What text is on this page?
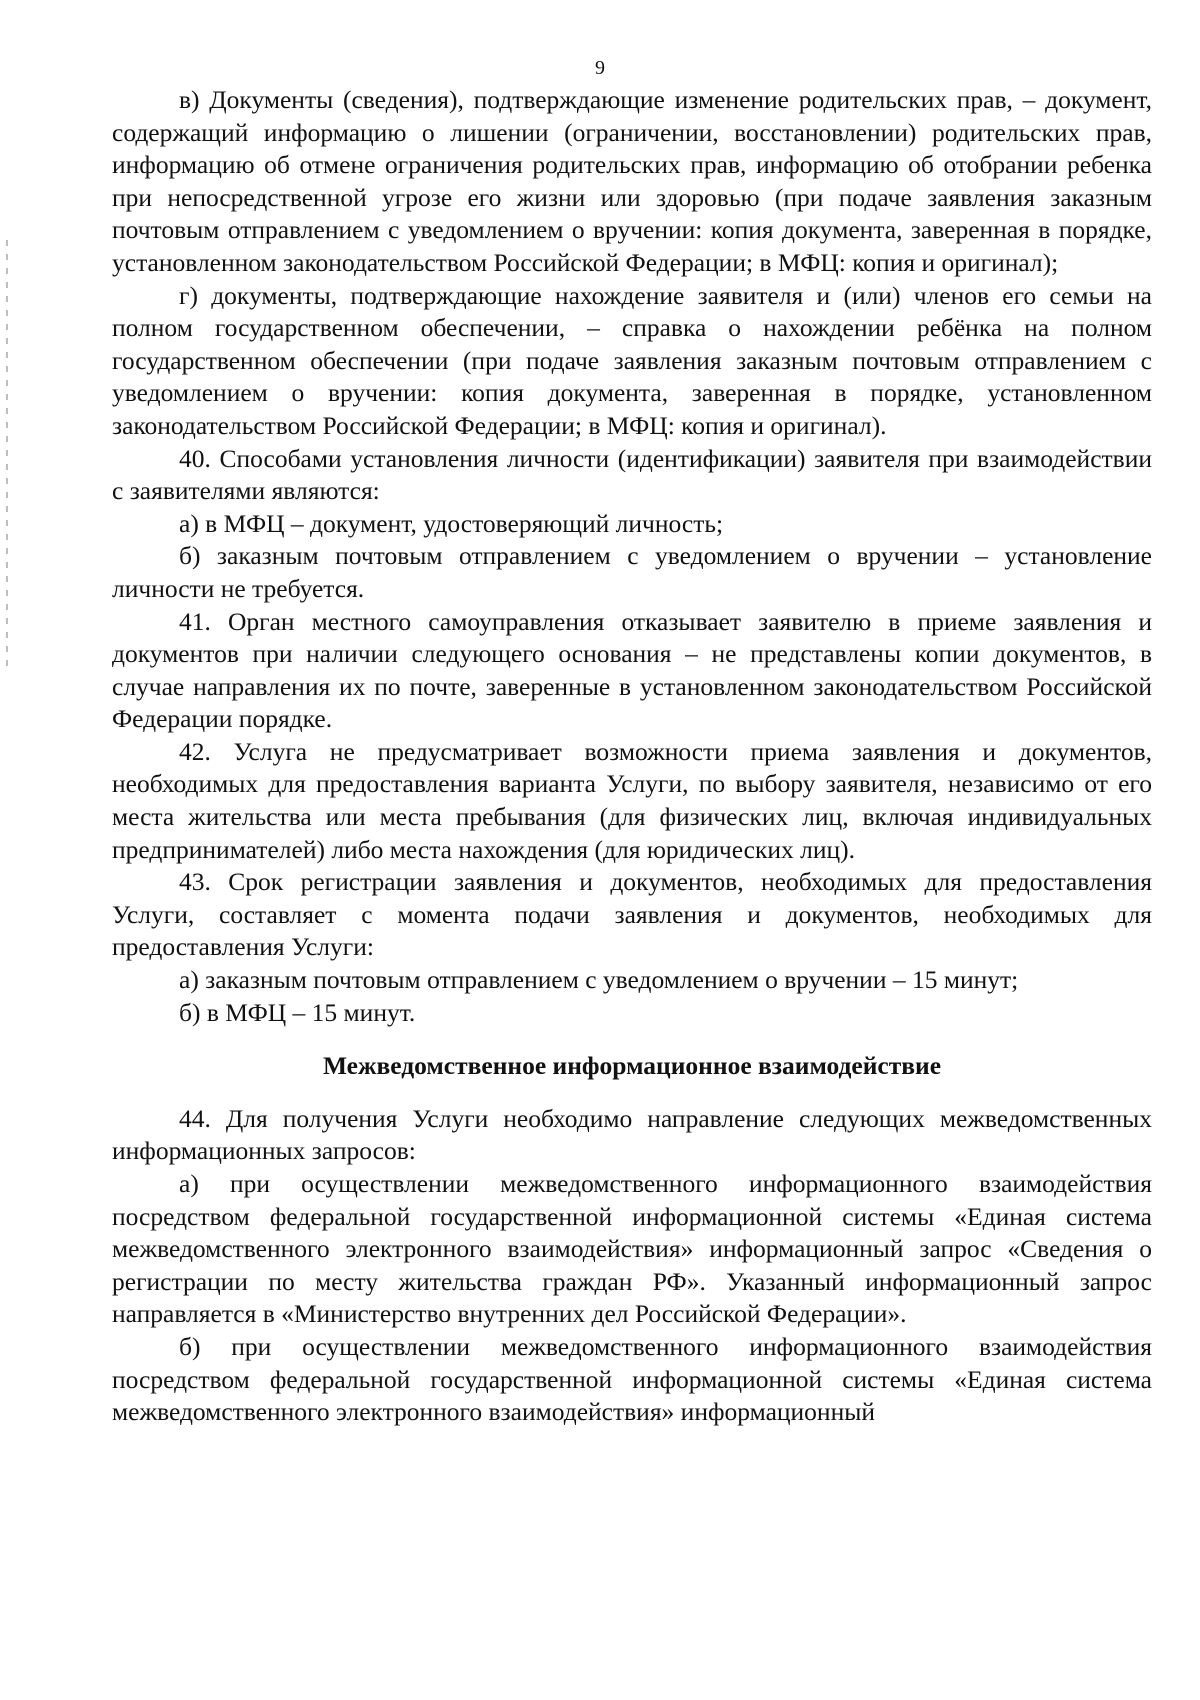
9

в) Документы (сведения), подтверждающие изменение родительских прав, – документ, содержащий информацию о лишении (ограничении, восстановлении) родительских прав, информацию об отмене ограничения родительских прав, информацию об отобрании ребенка при непосредственной угрозе его жизни или здоровью (при подаче заявления заказным почтовым отправлением с уведомлением о вручении: копия документа, заверенная в порядке, установленном законодательством Российской Федерации; в МФЦ: копия и оригинал);

г) документы, подтверждающие нахождение заявителя и (или) членов его семьи на полном государственном обеспечении, – справка о нахождении ребёнка на полном государственном обеспечении (при подаче заявления заказным почтовым отправлением с уведомлением о вручении: копия документа, заверенная в порядке, установленном законодательством Российской Федерации; в МФЦ: копия и оригинал).

40. Способами установления личности (идентификации) заявителя при взаимодействии с заявителями являются:

а) в МФЦ – документ, удостоверяющий личность;

б) заказным почтовым отправлением с уведомлением о вручении – установление личности не требуется.

41. Орган местного самоуправления отказывает заявителю в приеме заявления и документов при наличии следующего основания – не представлены копии документов, в случае направления их по почте, заверенные в установленном законодательством Российской Федерации порядке.

42. Услуга не предусматривает возможности приема заявления и документов, необходимых для предоставления варианта Услуги, по выбору заявителя, независимо от его места жительства или места пребывания (для физических лиц, включая индивидуальных предпринимателей) либо места нахождения (для юридических лиц).

43. Срок регистрации заявления и документов, необходимых для предоставления Услуги, составляет с момента подачи заявления и документов, необходимых для предоставления Услуги:

а) заказным почтовым отправлением с уведомлением о вручении – 15 минут;

б) в МФЦ – 15 минут.

Межведомственное информационное взаимодействие

44. Для получения Услуги необходимо направление следующих межведомственных информационных запросов:

а) при осуществлении межведомственного информационного взаимодействия посредством федеральной государственной информационной системы «Единая система межведомственного электронного взаимодействия» информационный запрос «Сведения о регистрации по месту жительства граждан РФ». Указанный информационный запрос направляется в «Министерство внутренних дел Российской Федерации».

б) при осуществлении межведомственного информационного взаимодействия посредством федеральной государственной информационной системы «Единая система межведомственного электронного взаимодействия» информационный
